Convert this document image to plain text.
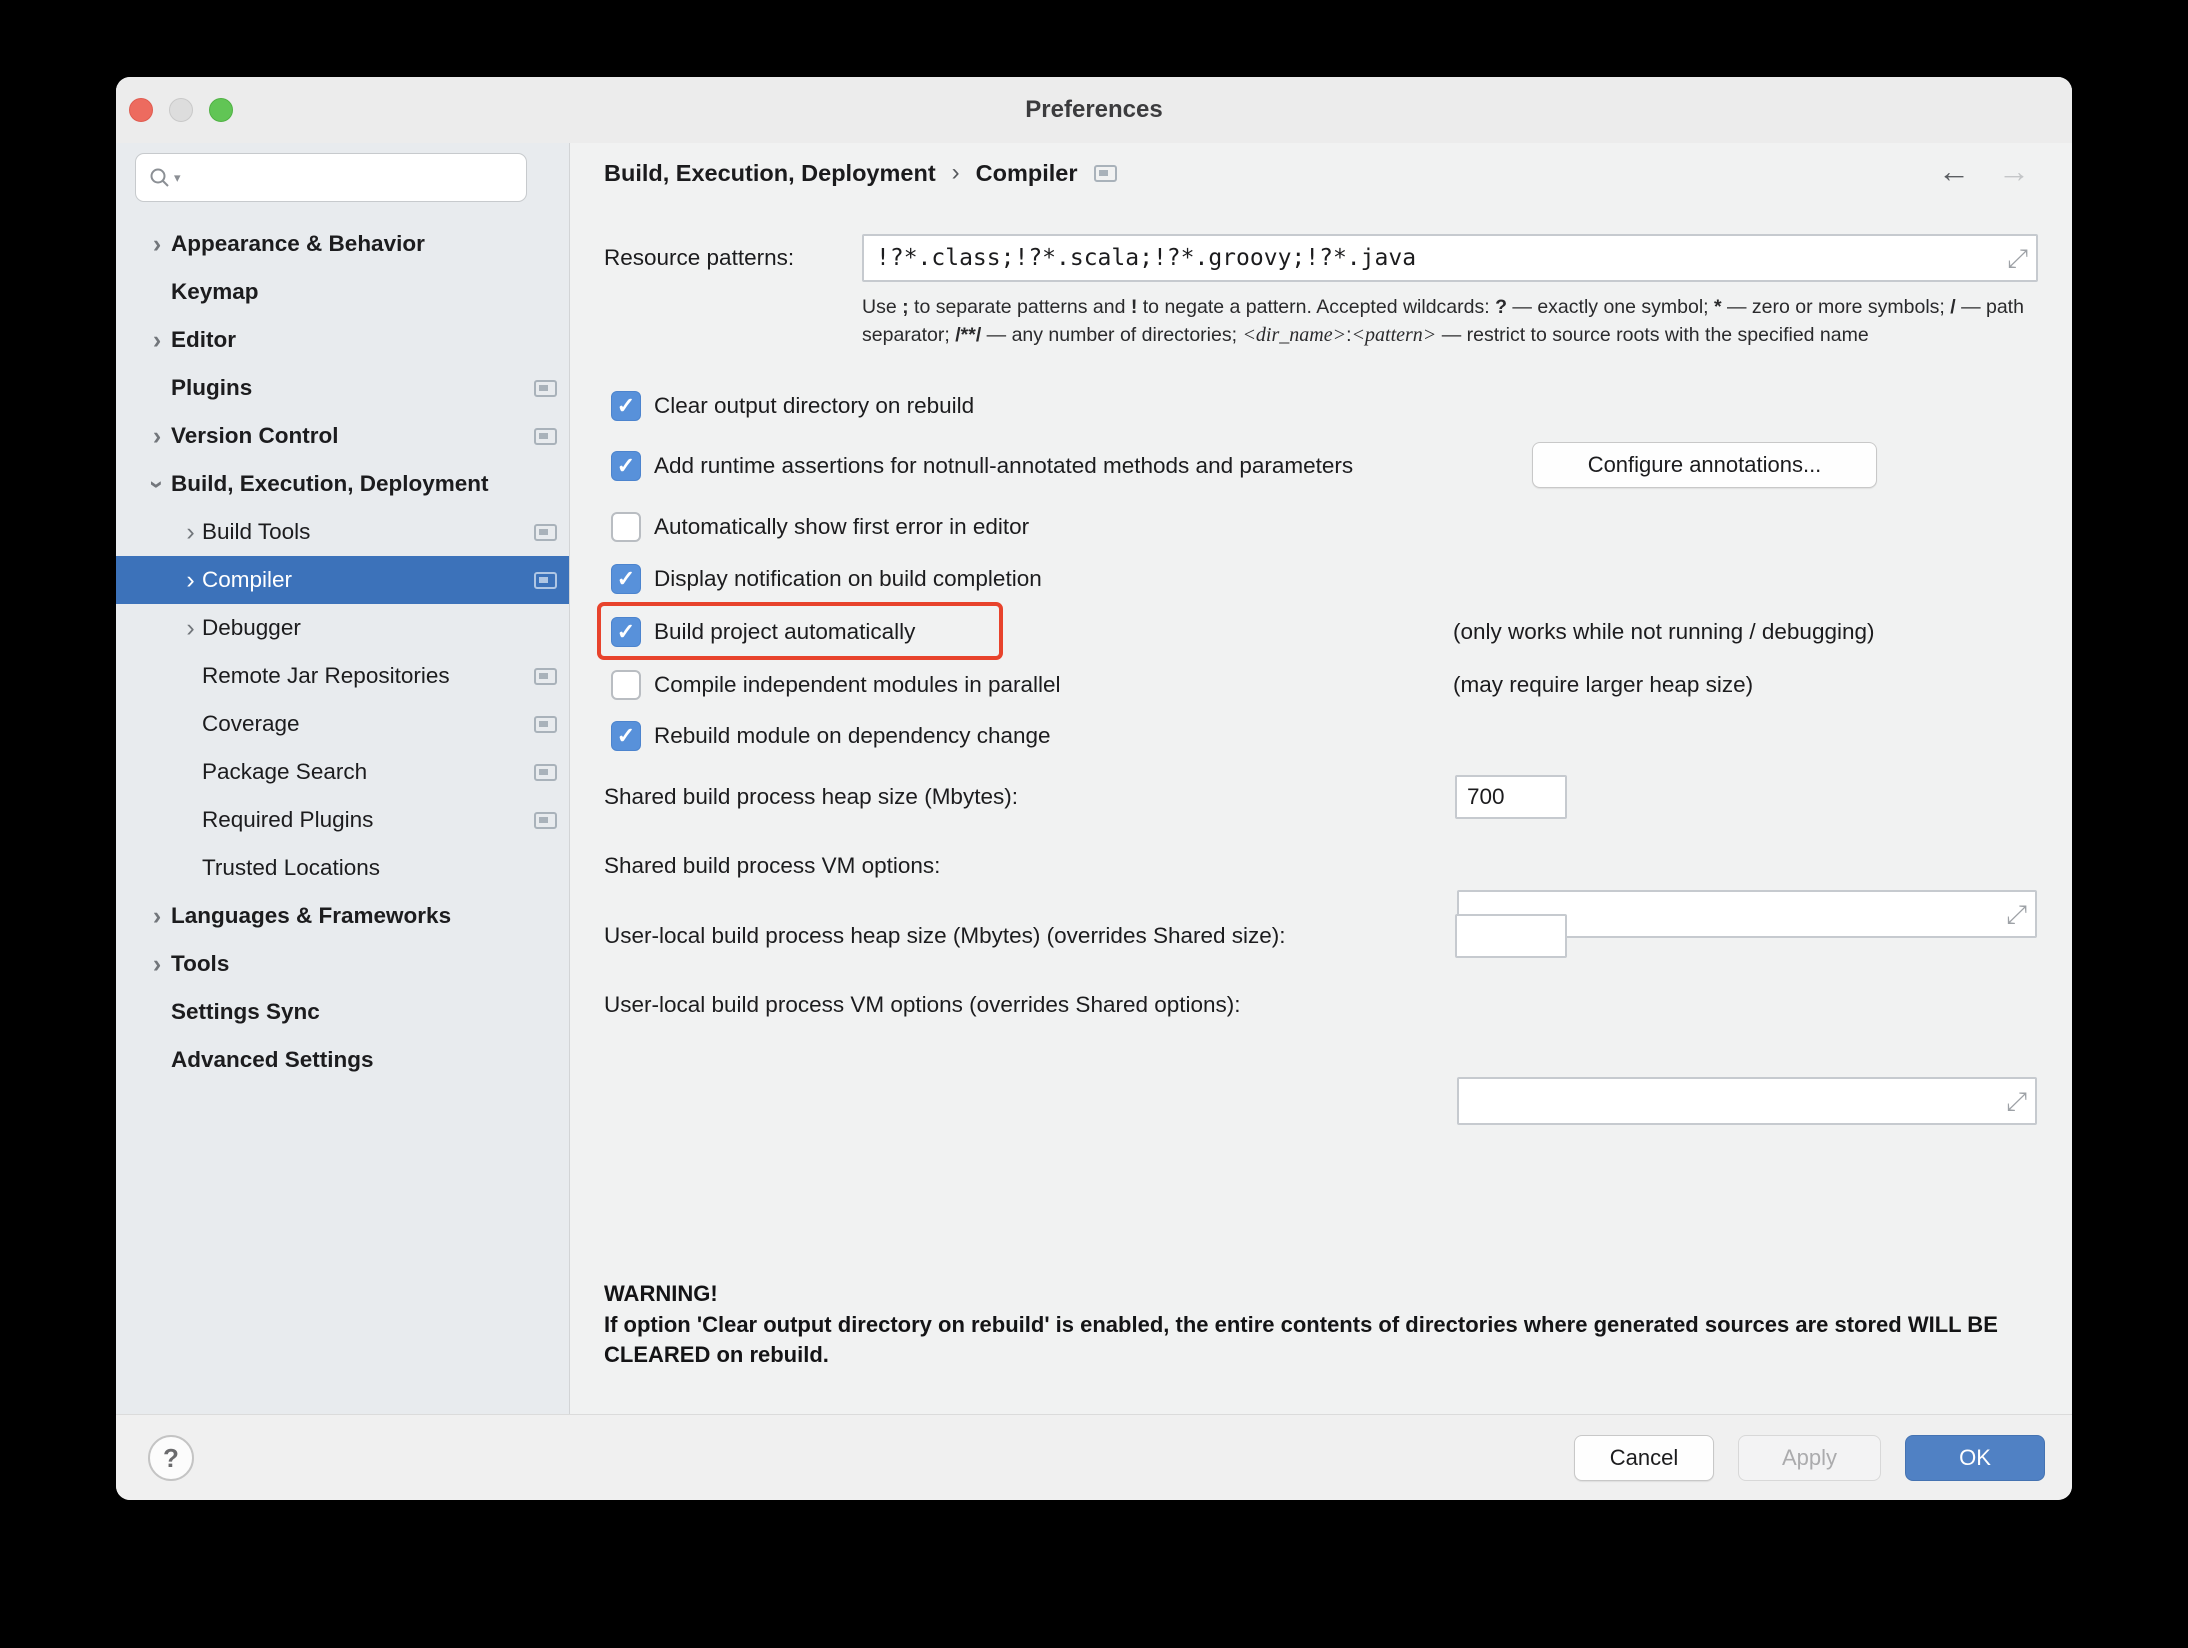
Preferences
▾
› Appearance & Behavior
Keymap
› Editor
Plugins
› Version Control
› Build, Execution, Deployment
› Build Tools
› Compiler
› Debugger
Remote Jar Repositories
Coverage
Package Search
Required Plugins
Trusted Locations
› Languages & Frameworks
› Tools
Settings Sync
Advanced Settings
Build, Execution, Deployment › Compiler	← →
Resource patterns:
!?*.class;!?*.scala;!?*.groovy;!?*.java	⤢
Use ; to separate patterns and ! to negate a pattern. Accepted wildcards: ? — exactly one symbol; * — zero or more symbols; / — path separator; /**/ — any number of directories; <dir_name>:<pattern> — restrict to source roots with the specified name
✓ Clear output directory on rebuild
✓ Add runtime assertions for notnull-annotated methods and parameters	Configure annotations...
Automatically show first error in editor
✓ Display notification on build completion
✓ Build project automatically	(only works while not running / debugging)
Compile independent modules in parallel	(may require larger heap size)
✓ Rebuild module on dependency change
Shared build process heap size (Mbytes):
700
Shared build process VM options:
⤢
User-local build process heap size (Mbytes) (overrides Shared size):
User-local build process VM options (overrides Shared options):
⤢
WARNING!
If option 'Clear output directory on rebuild' is enabled, the entire contents of directories where generated sources are stored WILL BE CLEARED on rebuild.
?	Cancel	Apply	OK
